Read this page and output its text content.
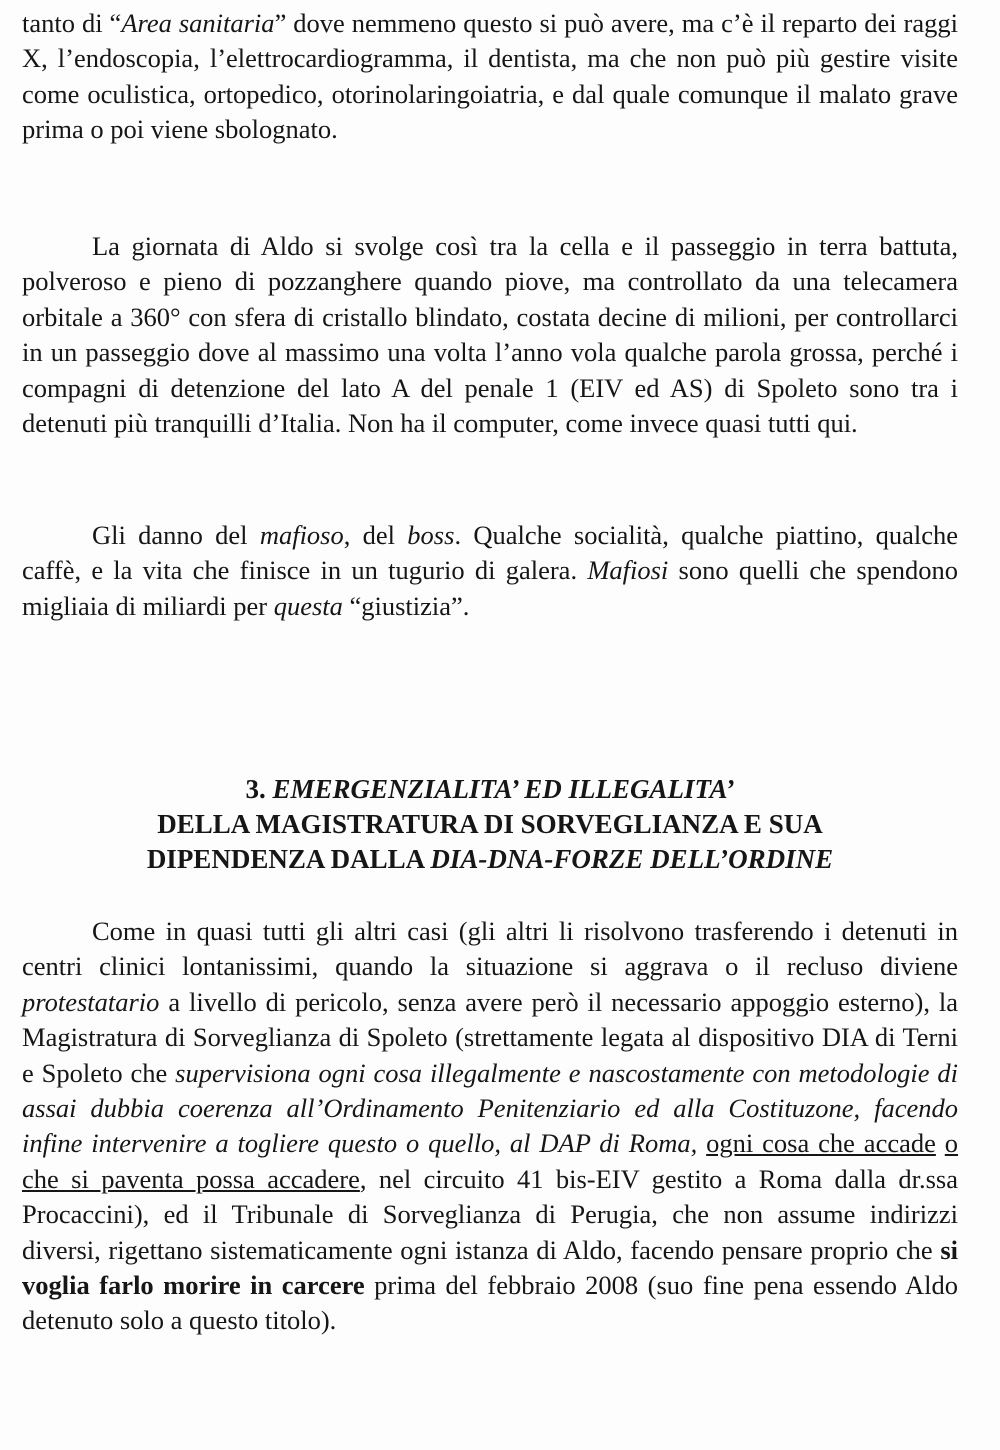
tanto di “Area sanitaria” dove nemmeno questo si può avere, ma c’è il reparto dei raggi X, l’endoscopia, l’elettrocardiogramma, il dentista, ma che non può più gestire visite come oculistica, ortopedico, otorinolaringoiatria, e dal quale comunque il malato grave prima o poi viene sbolognato.

La giornata di Aldo si svolge così tra la cella e il passeggio in terra battuta, polveroso e pieno di pozzanghere quando piove, ma controllato da una telecamera orbitale a 360° con sfera di cristallo blindato, costata decine di milioni, per controllarci in un passeggio dove al massimo una volta l’anno vola qualche parola grossa, perché i compagni di detenzione del lato A del penale 1 (EIV ed AS) di Spoleto sono tra i detenuti più tranquilli d’Italia. Non ha il computer, come invece quasi tutti qui.

Gli danno del mafioso, del boss. Qualche socialità, qualche piattino, qualche caffè, e la vita che finisce in un tugurio di galera. Mafiosi sono quelli che spendono migliaia di miliardi per questa “giustizia”.

3. EMERGENZIALITA’ ED ILLEGALITA’
DELLA MAGISTRATURA DI SORVEGLIANZA E SUA
DIPENDENZA DALLA DIA-DNA-FORZE DELL’ORDINE

Come in quasi tutti gli altri casi (gli altri li risolvono trasferendo i detenuti in centri clinici lontanissimi, quando la situazione si aggrava o il recluso diviene protestatario a livello di pericolo, senza avere però il necessario appoggio esterno), la Magistratura di Sorveglianza di Spoleto (strettamente legata al dispositivo DIA di Terni e Spoleto che supervisiona ogni cosa illegalmente e nascostamente con metodologie di assai dubbia coerenza all’Ordinamento Penitenziario ed alla Costituzone, facendo infine intervenire a togliere questo o quello, al DAP di Roma, ogni cosa che accade o che si paventa possa accadere, nel circuito 41 bis-EIV gestito a Roma dalla dr.ssa Procaccini), ed il Tribunale di Sorveglianza di Perugia, che non assume indirizzi diversi, rigettano sistematicamente ogni istanza di Aldo, facendo pensare proprio che si voglia farlo morire in carcere prima del febbraio 2008 (suo fine pena essendo Aldo detenuto solo a questo titolo).
